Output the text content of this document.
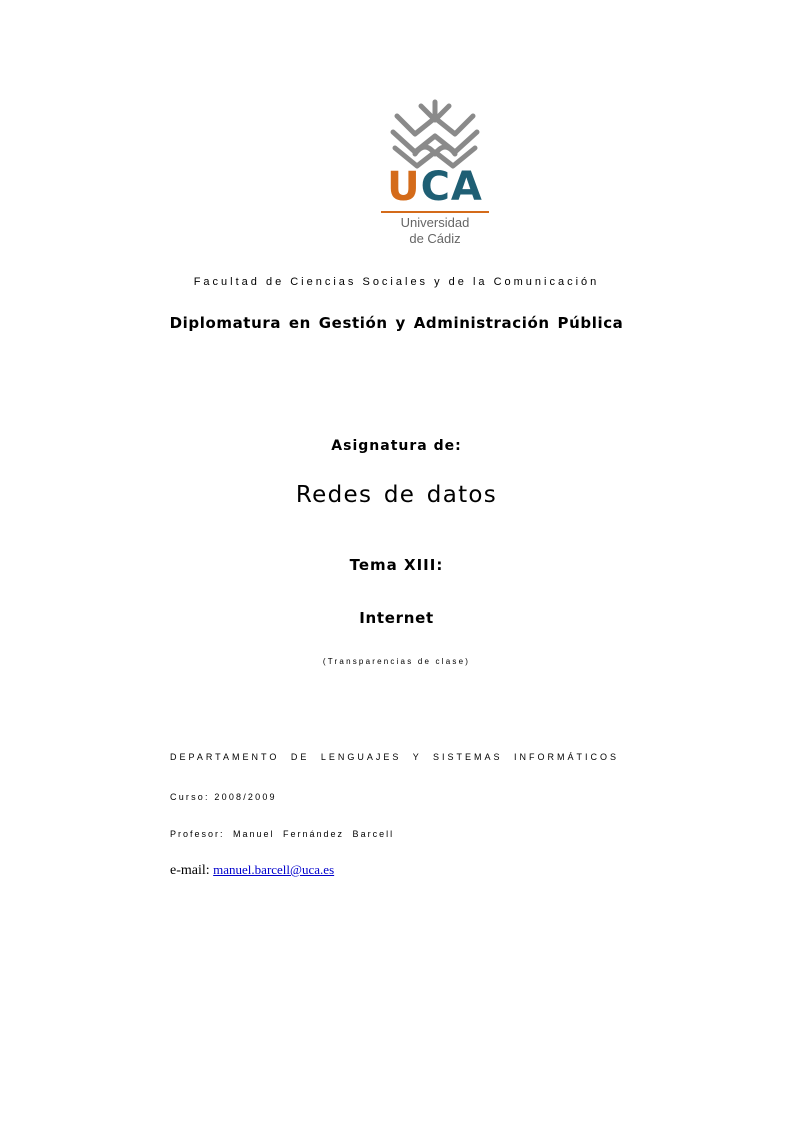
UCA
Universidad
de Cádiz
Facultad de Ciencias Sociales y de la Comunicación
Diplomatura en Gestión y Administración Pública
Asignatura de:
Redes de datos
Tema XIII:
Internet
(Transparencias de clase)
DEPARTAMENTO DE LENGUAJES Y SISTEMAS INFORMÁTICOS
Curso: 2008/2009
Profesor: Manuel Fernández Barcell
e-mail: manuel.barcell@uca.es
